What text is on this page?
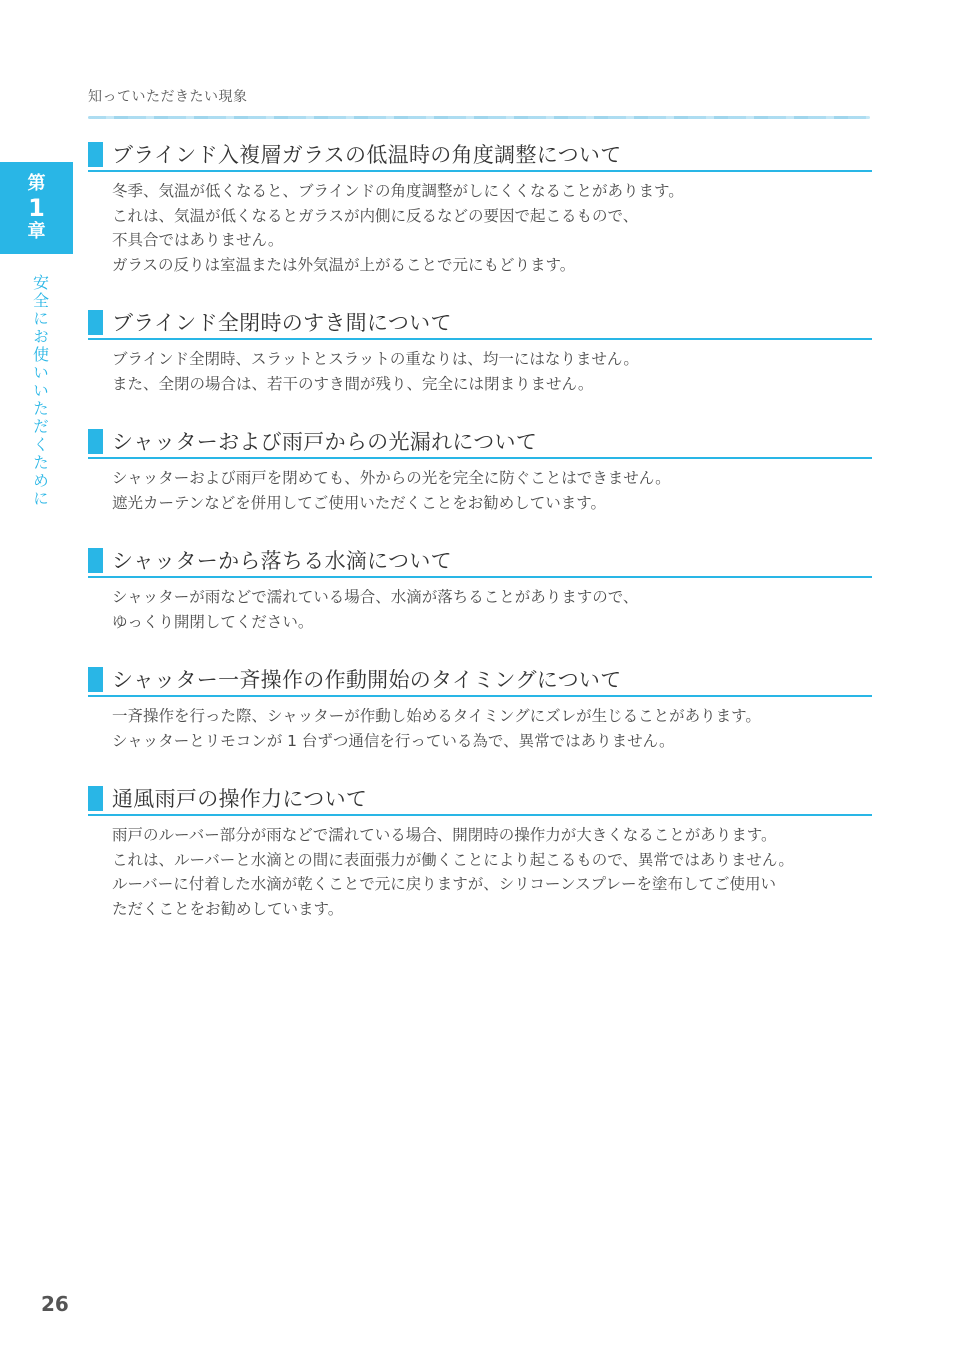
知っていただきたい現象
第
1
章
安全にお使いいただくために
ブラインド入複層ガラスの低温時の角度調整について
冬季、気温が低くなると、ブラインドの角度調整がしにくくなることがあります。
これは、気温が低くなるとガラスが内側に反るなどの要因で起こるもので、
不具合ではありません。
ガラスの反りは室温または外気温が上がることで元にもどります。
ブラインド全閉時のすき間について
ブラインド全閉時、スラットとスラットの重なりは、均一にはなりません。
また、全閉の場合は、若干のすき間が残り、完全には閉まりません。
シャッターおよび雨戸からの光漏れについて
シャッターおよび雨戸を閉めても、外からの光を完全に防ぐことはできません。
遮光カーテンなどを併用してご使用いただくことをお勧めしています。
シャッターから落ちる水滴について
シャッターが雨などで濡れている場合、水滴が落ちることがありますので、
ゆっくり開閉してください。
シャッター一斉操作の作動開始のタイミングについて
一斉操作を行った際、シャッターが作動し始めるタイミングにズレが生じることがあります。
シャッターとリモコンが 1 台ずつ通信を行っている為で、異常ではありません。
通風雨戸の操作力について
雨戸のルーバー部分が雨などで濡れている場合、開閉時の操作力が大きくなることがあります。
これは、ルーバーと水滴との間に表面張力が働くことにより起こるもので、異常ではありません。
ルーバーに付着した水滴が乾くことで元に戻りますが、シリコーンスプレーを塗布してご使用い
ただくことをお勧めしています。
26
